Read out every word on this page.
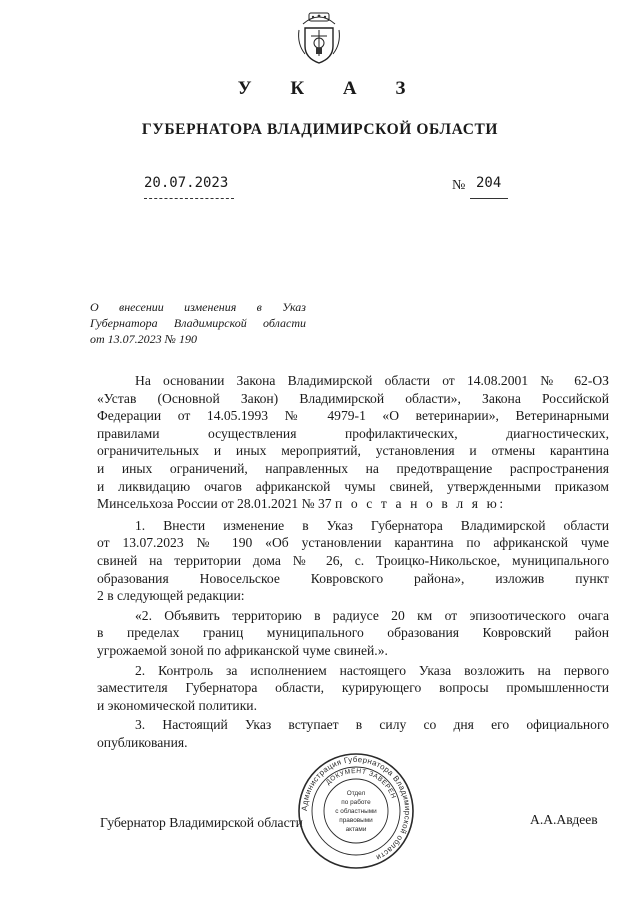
У К А З
ГУБЕРНАТОРА ВЛАДИМИРСКОЙ ОБЛАСТИ
20.07.2023	№ 204
О внесении изменения в Указ
Губернатора Владимирской области
от 13.07.2023 № 190
На основании Закона Владимирской области от 14.08.2001 № 62-ОЗ
«Устав (Основной Закон) Владимирской области», Закона Российской
Федерации от 14.05.1993 № 4979-1 «О ветеринарии», Ветеринарными
правилами осуществления профилактических, диагностических,
ограничительных и иных мероприятий, установления и отмены карантина
и иных ограничений, направленных на предотвращение распространения
и ликвидацию очагов африканской чумы свиней, утвержденными приказом
Минсельхоза России от 28.01.2021 № 37 п о с т а н о в л я ю:
1. Внести изменение в Указ Губернатора Владимирской области
от 13.07.2023 № 190 «Об установлении карантина по африканской чуме
свиней на территории дома № 26, с. Троицко-Никольское, муниципального
образования Новосельское Ковровского района», изложив пункт
2 в следующей редакции:
«2. Объявить территорию в радиусе 20 км от эпизоотического очага
в пределах границ муниципального образования Ковровский район
угрожаемой зоной по африканской чуме свиней.».
2. Контроль за исполнением настоящего Указа возложить на первого
заместителя Губернатора области, курирующего вопросы промышленности
и экономической политики.
3. Настоящий Указ вступает в силу со дня его официального
опубликования.
Губернатор Владимирской области	А.А.Авдеев
Администрация Губернатора Владимирской области
ДОКУМЕНТ ЗАВЕРЕН
Отдел
по работе
с областными
правовыми
актами
